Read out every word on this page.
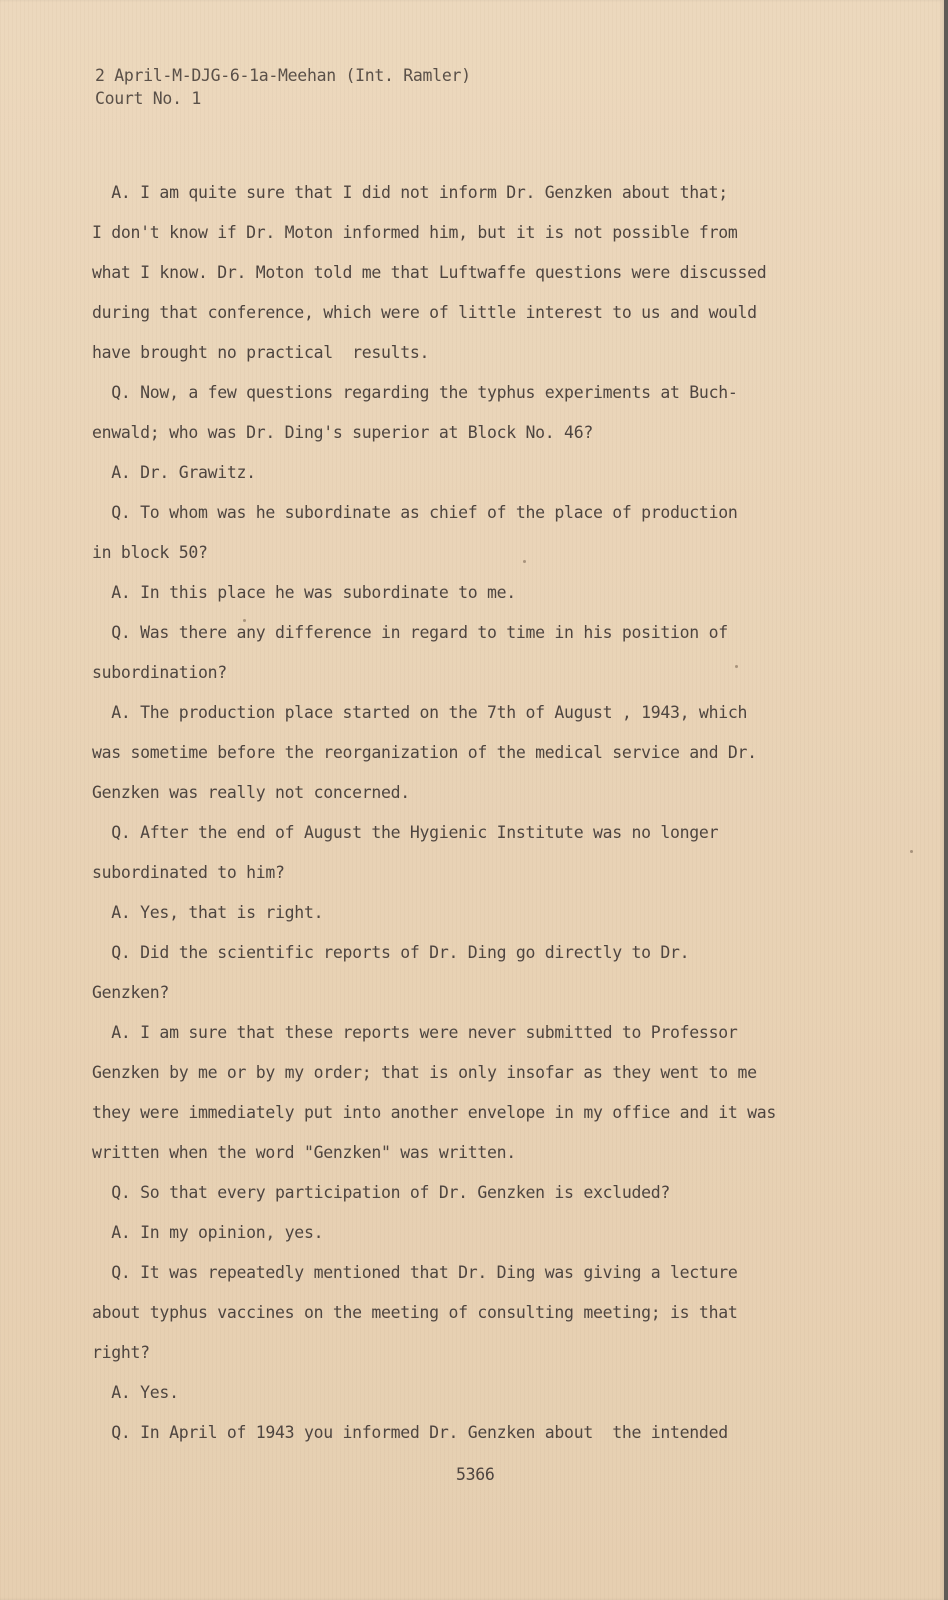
2 April-M-DJG-6-1a-Meehan (Int. Ramler)
Court No. 1
A. I am quite sure that I did not inform Dr. Genzken about that;
I don't know if Dr. Moton informed him, but it is not possible from
what I know. Dr. Moton told me that Luftwaffe questions were discussed
during that conference, which were of little interest to us and would
have brought no practical  results.
Q. Now, a few questions regarding the typhus experiments at Buch-
enwald; who was Dr. Ding's superior at Block No. 46?
A. Dr. Grawitz.
Q. To whom was he subordinate as chief of the place of production
in block 50?
A. In this place he was subordinate to me.
Q. Was there any difference in regard to time in his position of
subordination?
A. The production place started on the 7th of August , 1943, which
was sometime before the reorganization of the medical service and Dr.
Genzken was really not concerned.
Q. After the end of August the Hygienic Institute was no longer
subordinated to him?
A. Yes, that is right.
Q. Did the scientific reports of Dr. Ding go directly to Dr.
Genzken?
A. I am sure that these reports were never submitted to Professor
Genzken by me or by my order; that is only insofar as they went to me
they were immediately put into another envelope in my office and it was
written when the word "Genzken" was written.
Q. So that every participation of Dr. Genzken is excluded?
A. In my opinion, yes.
Q. It was repeatedly mentioned that Dr. Ding was giving a lecture
about typhus vaccines on the meeting of consulting meeting; is that
right?
A. Yes.
Q. In April of 1943 you informed Dr. Genzken about  the intended
5366
